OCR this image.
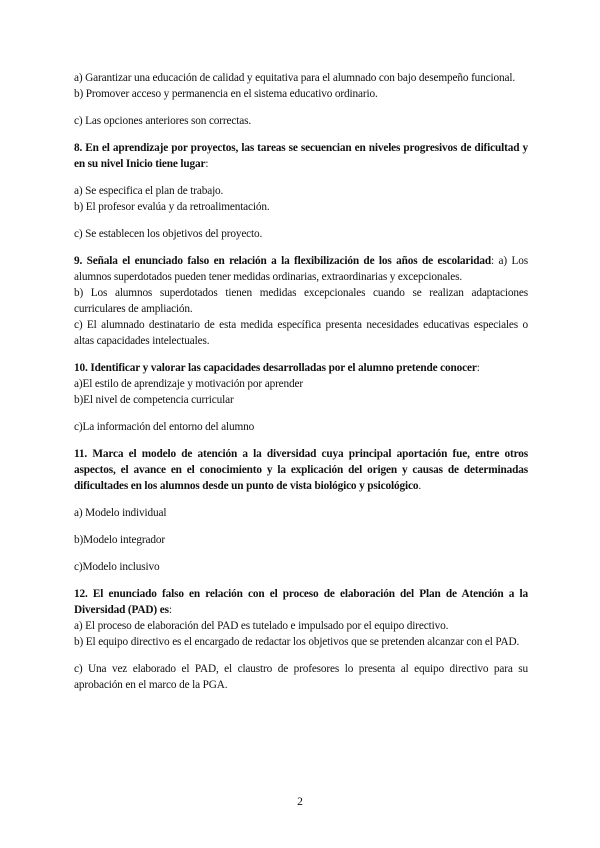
a) Garantizar una educación de calidad y equitativa para el alumnado con bajo desempeño funcional.

b) Promover acceso y permanencia en el sistema educativo ordinario.

c) Las opciones anteriores son correctas.

8. En el aprendizaje por proyectos, las tareas se secuencian en niveles progresivos de dificultad y en su nivel Inicio tiene lugar:

a) Se especifica el plan de trabajo.

b) El profesor evalúa y da retroalimentación.

c) Se establecen los objetivos del proyecto.

9. Señala el enunciado falso en relación a la flexibilización de los años de escolaridad: a) Los alumnos superdotados pueden tener medidas ordinarias, extraordinarias y excepcionales.

b) Los alumnos superdotados tienen medidas excepcionales cuando se realizan adaptaciones curriculares de ampliación.

c) El alumnado destinatario de esta medida específica presenta necesidades educativas especiales o altas capacidades intelectuales.

10. Identificar y valorar las capacidades desarrolladas por el alumno pretende conocer:

a)El estilo de aprendizaje y motivación por aprender

b)El nivel de competencia curricular

c)La información del entorno del alumno

11. Marca el modelo de atención a la diversidad cuya principal aportación fue, entre otros aspectos, el avance en el conocimiento y la explicación del origen y causas de determinadas dificultades en los alumnos desde un punto de vista biológico y psicológico.

a) Modelo individual

b)Modelo integrador

c)Modelo inclusivo

12. El enunciado falso en relación con el proceso de elaboración del Plan de Atención a la Diversidad (PAD) es:

a) El proceso de elaboración del PAD es tutelado e impulsado por el equipo directivo.

b) El equipo directivo es el encargado de redactar los objetivos que se pretenden alcanzar con el PAD.

c) Una vez elaborado el PAD, el claustro de profesores lo presenta al equipo directivo para su aprobación en el marco de la PGA.

2
